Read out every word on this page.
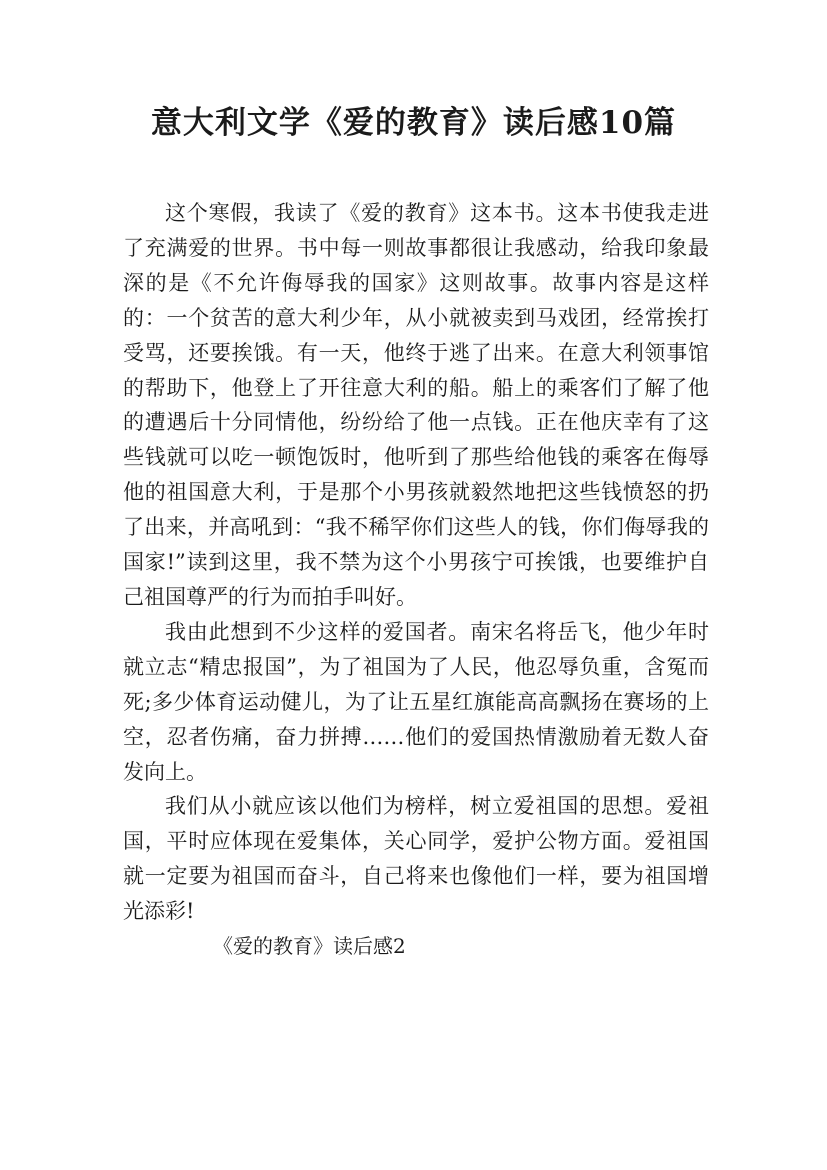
意大利文学《爱的教育》读后感10篇

这个寒假，我读了《爱的教育》这本书。这本书使我走进了充满爱的世界。书中每一则故事都很让我感动，给我印象最深的是《不允许侮辱我的国家》这则故事。故事内容是这样的：一个贫苦的意大利少年，从小就被卖到马戏团，经常挨打受骂，还要挨饿。有一天，他终于逃了出来。在意大利领事馆的帮助下，他登上了开往意大利的船。船上的乘客们了解了他的遭遇后十分同情他，纷纷给了他一点钱。正在他庆幸有了这些钱就可以吃一顿饱饭时，他听到了那些给他钱的乘客在侮辱他的祖国意大利，于是那个小男孩就毅然地把这些钱愤怒的扔了出来，并高吼到：“我不稀罕你们这些人的钱，你们侮辱我的国家!”读到这里，我不禁为这个小男孩宁可挨饿，也要维护自己祖国尊严的行为而拍手叫好。

我由此想到不少这样的爱国者。南宋名将岳飞，他少年时就立志“精忠报国”，为了祖国为了人民，他忍辱负重，含冤而死;多少体育运动健儿，为了让五星红旗能高高飘扬在赛场的上空，忍者伤痛，奋力拼搏……他们的爱国热情激励着无数人奋发向上。

我们从小就应该以他们为榜样，树立爱祖国的思想。爱祖国，平时应体现在爱集体，关心同学，爱护公物方面。爱祖国就一定要为祖国而奋斗，自己将来也像他们一样，要为祖国增光添彩!

《爱的教育》读后感2
